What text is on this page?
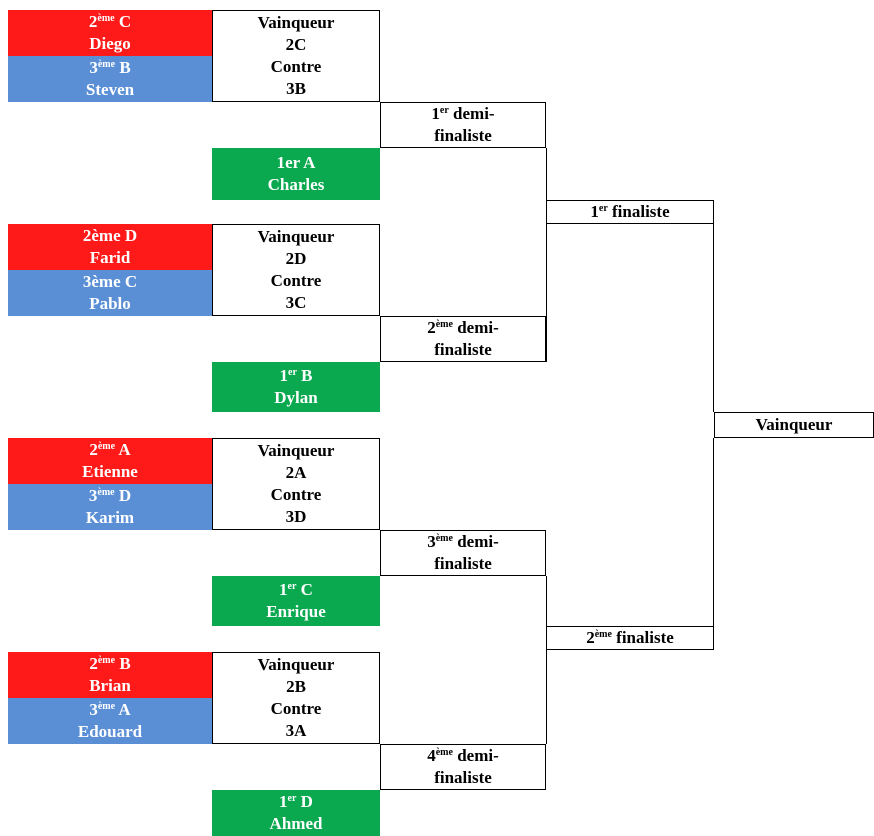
2ème C
Diego
3ème B
Steven
Vainqueur
2C
Contre
3B
1er A
Charles
1er demi-
finaliste
2ème D
Farid
3ème C
Pablo
Vainqueur
2D
Contre
3C
1er B
Dylan
2ème demi-
finaliste
2ème A
Etienne
3ème D
Karim
Vainqueur
2A
Contre
3D
1er C
Enrique
3ème demi-
finaliste
2ème B
Brian
3ème A
Edouard
Vainqueur
2B
Contre
3A
1er D
Ahmed
4ème demi-
finaliste
1er finaliste
2ème finaliste
Vainqueur
